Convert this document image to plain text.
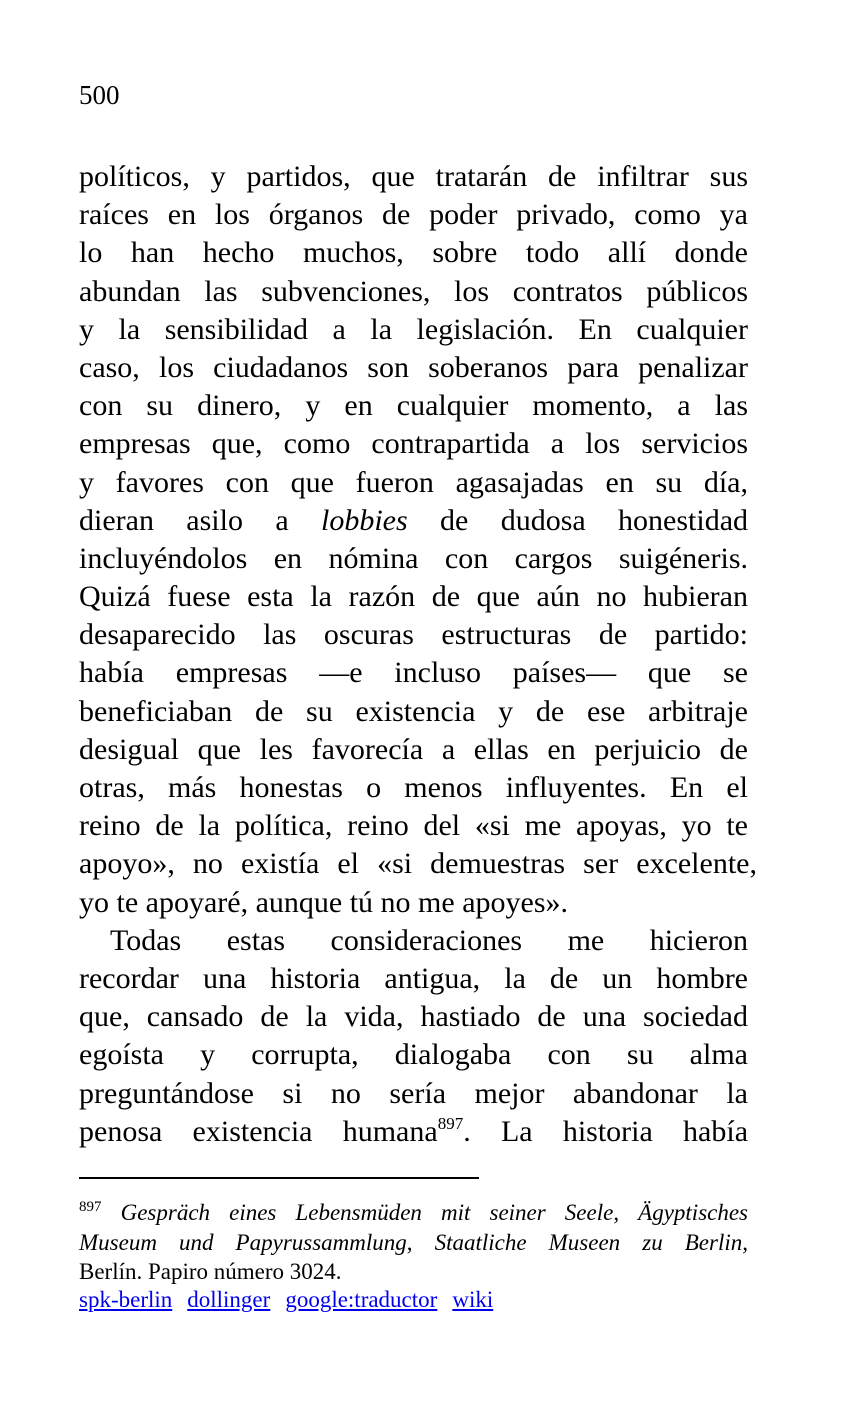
500
políticos, y partidos, que tratarán de infiltrar sus
raíces en los órganos de poder privado, como ya
lo han hecho muchos, sobre todo allí donde
abundan las subvenciones, los contratos públicos
y la sensibilidad a la legislación. En cualquier
caso, los ciudadanos son soberanos para penalizar
con su dinero, y en cualquier momento, a las
empresas que, como contrapartida a los servicios
y favores con que fueron agasajadas en su día,
dieran asilo a lobbies de dudosa honestidad
incluyéndolos en nómina con cargos suigéneris.
Quizá fuese esta la razón de que aún no hubieran
desaparecido las oscuras estructuras de partido:
había empresas —e incluso países— que se
beneficiaban de su existencia y de ese arbitraje
desigual que les favorecía a ellas en perjuicio de
otras, más honestas o menos influyentes. En el
reino de la política, reino del «si me apoyas, yo te
apoyo», no existía el «si demuestras ser excelente,
yo te apoyaré, aunque tú no me apoyes».
Todas estas consideraciones me hicieron
recordar una historia antigua, la de un hombre
que, cansado de la vida, hastiado de una sociedad
egoísta y corrupta, dialogaba con su alma
preguntándose si no sería mejor abandonar la
penosa existencia humana$^{897}$. La historia había
$^{897}$ Gespräch eines Lebensmüden mit seiner Seele, Ägyptisches
Museum und Papyrussammlung, Staatliche Museen zu Berlin,
Berlín. Papiro número 3024.
spk-berlin dollinger google:traductor wiki
